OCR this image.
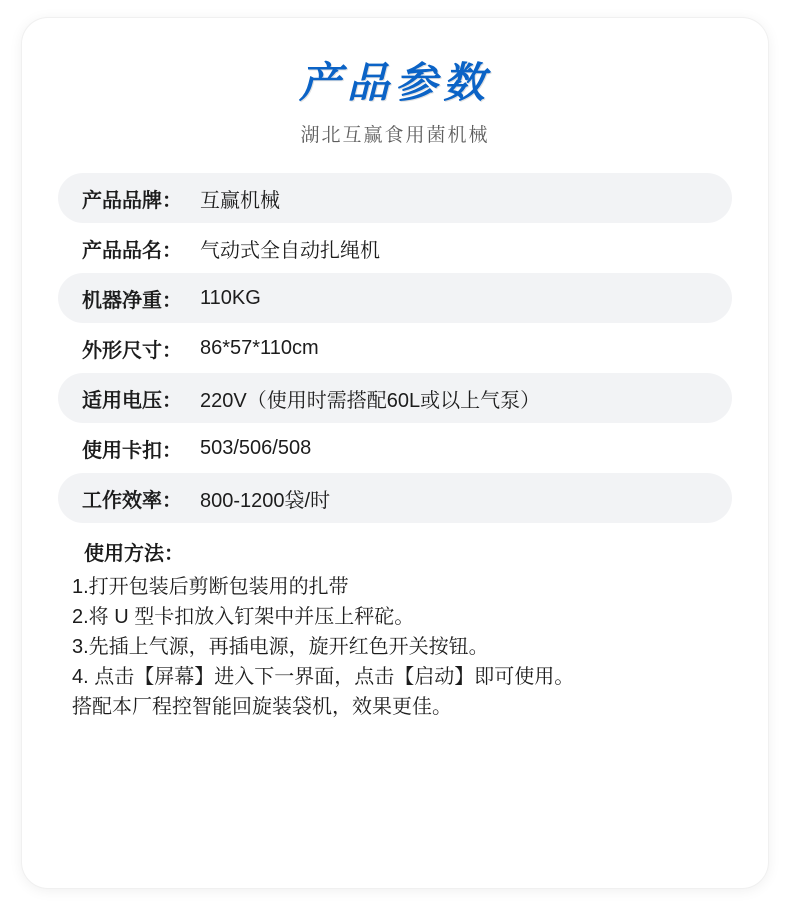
产品参数
湖北互赢食用菌机械
产品品牌： 互赢机械
产品品名： 气动式全自动扎绳机
机器净重： 110KG
外形尺寸： 86*57*110cm
适用电压： 220V（使用时需搭配60L或以上气泵）
使用卡扣： 503/506/508
工作效率： 800-1200袋/时
使用方法：
1.打开包装后剪断包装用的扎带
2.将 U 型卡扣放入钉架中并压上秤砣。
3.先插上气源，再插电源，旋开红色开关按钮。
4. 点击【屏幕】进入下一界面，点击【启动】即可使用。
搭配本厂程控智能回旋装袋机，效果更佳。
